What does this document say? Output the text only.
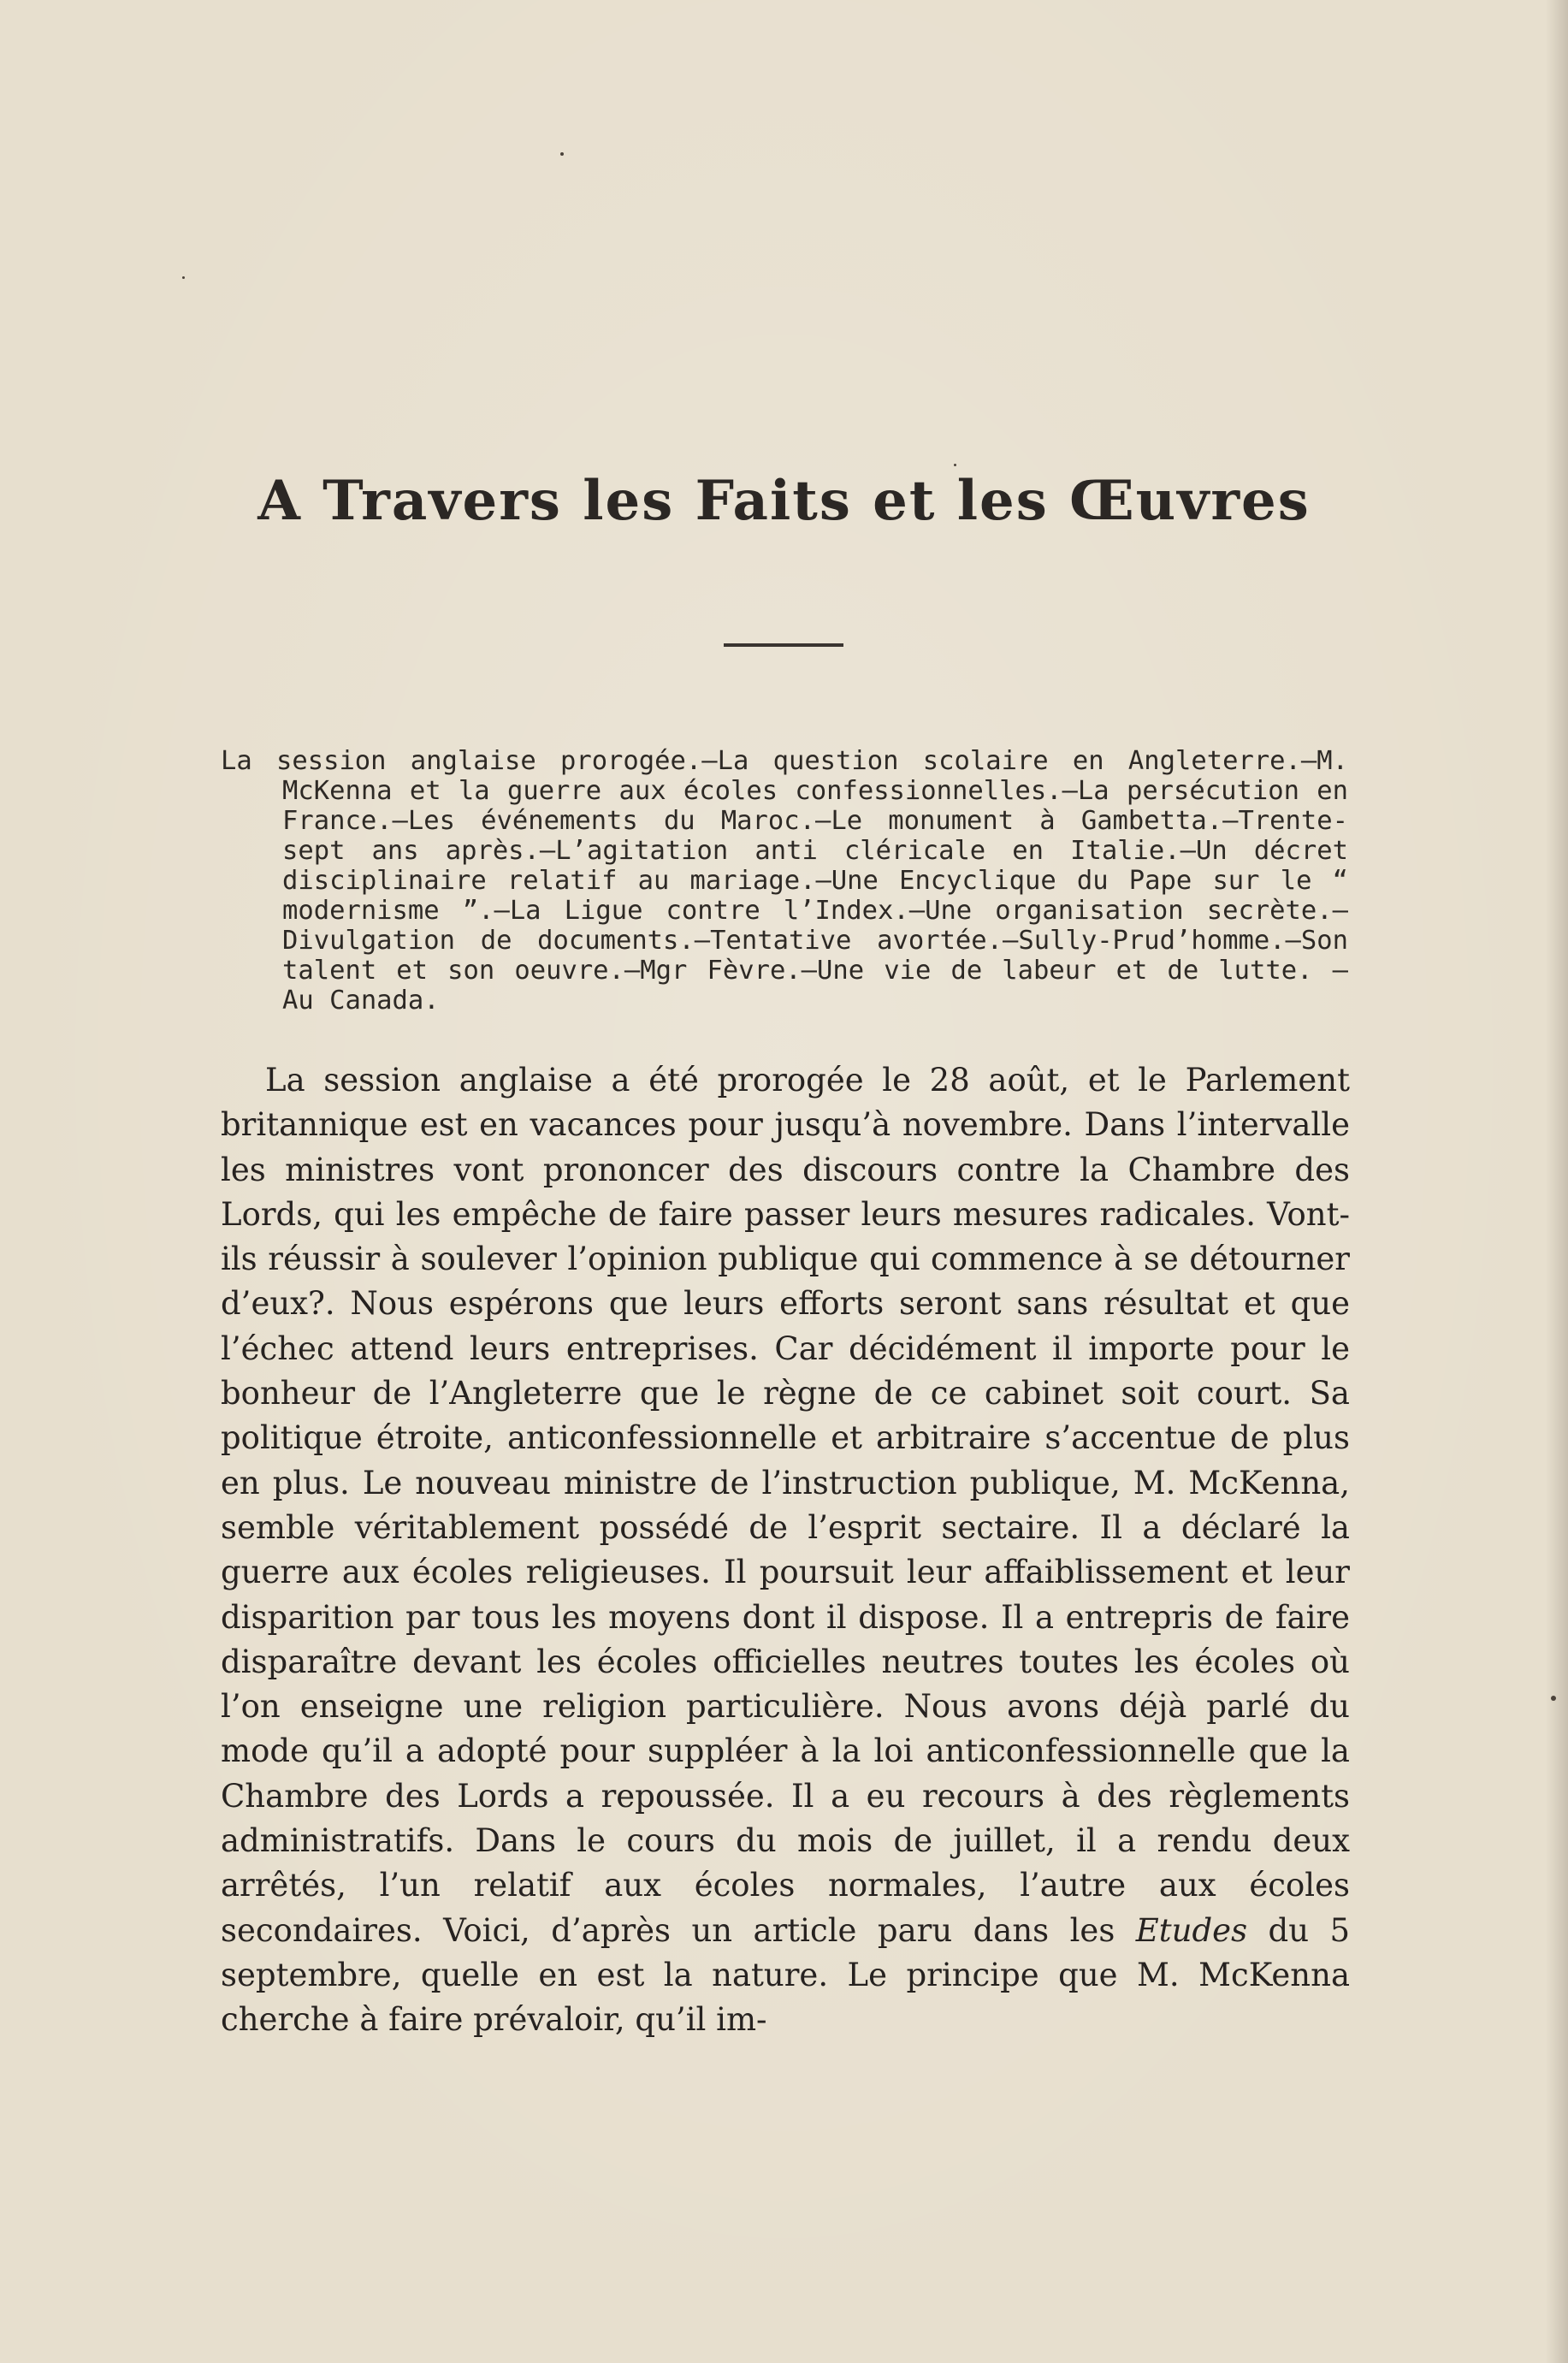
A Travers les Faits et les Œuvres
La session anglaise prorogée.—La question scolaire en Angleterre.—M. McKenna et la guerre aux écoles confessionnelles.—La persécution en France.—Les événements du Maroc.—Le monument à Gambetta.—Trente-sept ans après.—L’agitation anti cléricale en Italie.—Un décret disciplinaire relatif au mariage.—Une Encyclique du Pape sur le “ modernisme ”.—La Ligue contre l’Index.—Une organisation secrète.—Divulgation de documents.—Tentative avortée.—Sully-Prud’homme.—Son talent et son oeuvre.—Mgr Fèvre.—Une vie de labeur et de lutte. — Au Canada.

La session anglaise a été prorogée le 28 août, et le Parlement britannique est en vacances pour jusqu’à novembre. Dans l’intervalle les ministres vont prononcer des discours contre la Chambre des Lords, qui les empêche de faire passer leurs mesures radicales. Vont-ils réussir à soulever l’opinion publique qui commence à se détourner d’eux?. Nous espérons que leurs efforts seront sans résultat et que l’échec attend leurs entreprises. Car décidément il importe pour le bonheur de l’Angleterre que le règne de ce cabinet soit court. Sa politique étroite, anticonfessionnelle et arbitraire s’accentue de plus en plus. Le nouveau ministre de l’instruction publique, M. McKenna, semble véritablement possédé de l’esprit sectaire. Il a déclaré la guerre aux écoles religieuses. Il poursuit leur affaiblissement et leur disparition par tous les moyens dont il dispose. Il a entrepris de faire disparaître devant les écoles officielles neutres toutes les écoles où l’on enseigne une religion particulière. Nous avons déjà parlé du mode qu’il a adopté pour suppléer à la loi anticonfessionnelle que la Chambre des Lords a repoussée. Il a eu recours à des règlements administratifs. Dans le cours du mois de juillet, il a rendu deux arrêtés, l’un relatif aux écoles normales, l’autre aux écoles secondaires. Voici, d’après un article paru dans les Etudes du 5 septembre, quelle en est la nature. Le principe que M. McKenna cherche à faire prévaloir, qu’il im-
